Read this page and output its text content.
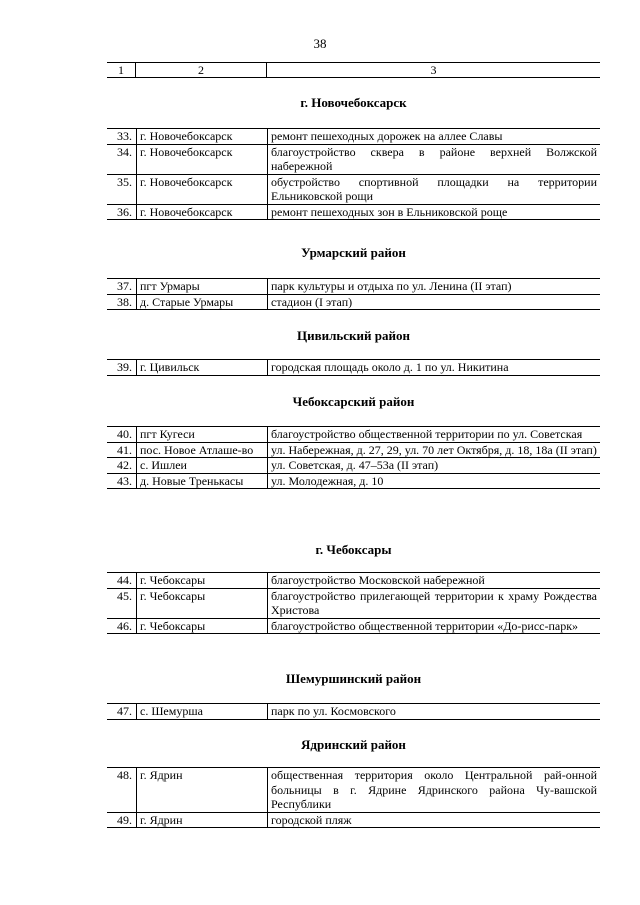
38
1	2	3
г. Новочебоксарск
33.	г. Новочебоксарск	ремонт пешеходных дорожек на аллее Славы
34.	г. Новочебоксарск	благоустройство сквера в районе верхней Волжской набережной
35.	г. Новочебоксарск	обустройство спортивной площадки на территории Ельниковской рощи
36.	г. Новочебоксарск	ремонт пешеходных зон в Ельниковской роще
Урмарский район
37.	пгт Урмары	парк культуры и отдыха по ул. Ленина (II этап)
38.	д. Старые Урмары	стадион (I этап)
Цивильский район
39.	г. Цивильск	городская площадь около д. 1 по ул. Никитина
Чебоксарский район
40.	пгт Кугеси	благоустройство общественной территории по ул. Советская
41.	пос. Новое Атлаше-во	ул. Набережная, д. 27, 29, ул. 70 лет Октября, д. 18, 18а (II этап)
42.	с. Ишлеи	ул. Советская, д. 47–53а (II этап)
43.	д. Новые Тренькасы	ул. Молодежная, д. 10
г. Чебоксары
44.	г. Чебоксары	благоустройство Московской набережной
45.	г. Чебоксары	благоустройство прилегающей территории к храму Рождества Христова
46.	г. Чебоксары	благоустройство общественной территории «До-рисс-парк»
Шемуршинский район
47.	с. Шемурша	парк по ул. Космовского
Ядринский район
48.	г. Ядрин	общественная территория около Центральной рай-онной больницы в г. Ядрине Ядринского района Чу-вашской Республики
49.	г. Ядрин	городской пляж
